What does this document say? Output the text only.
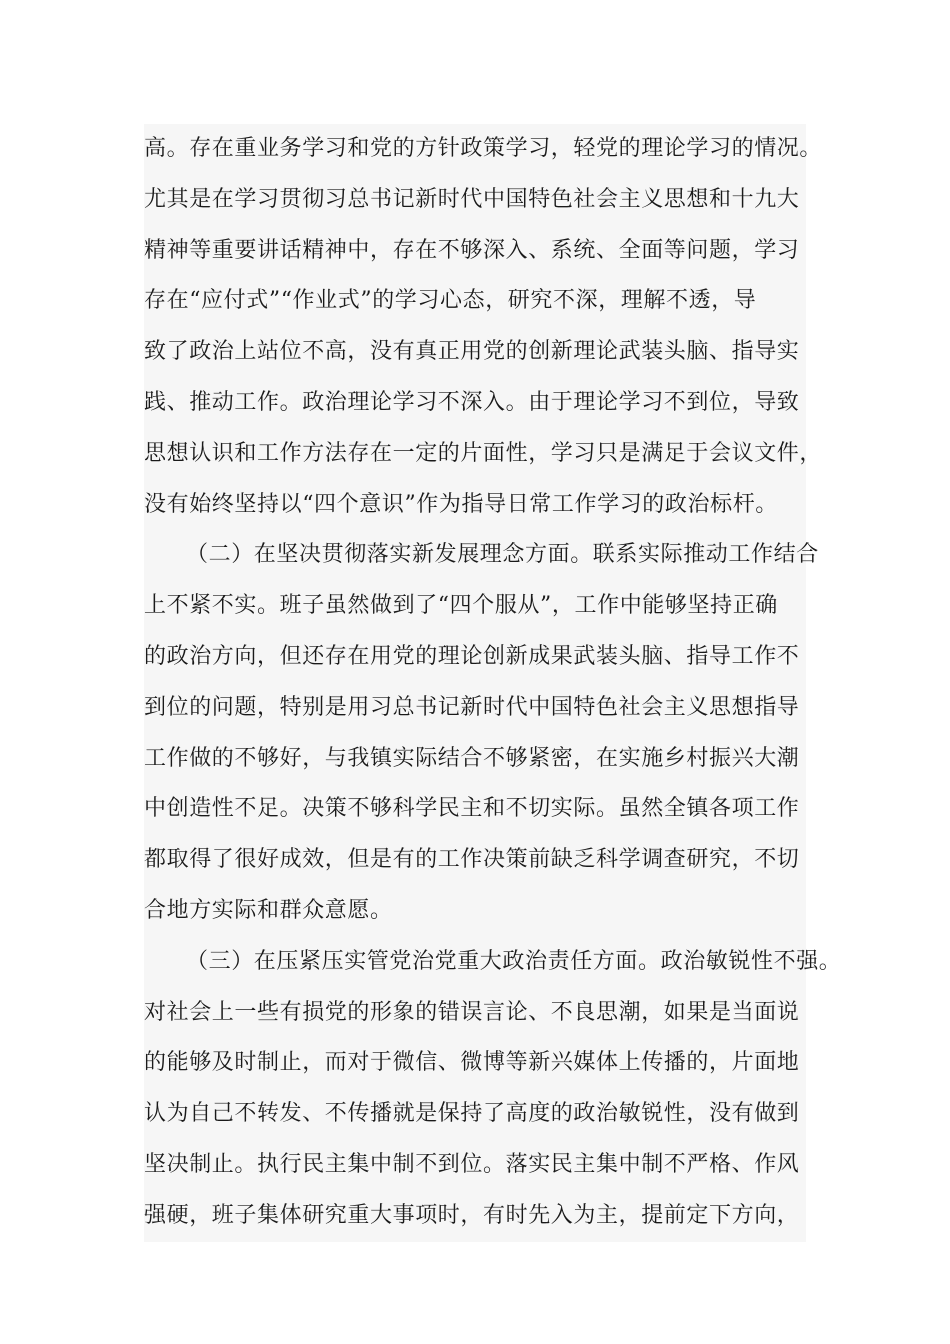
高。存在重业务学习和党的方针政策学习，轻党的理论学习的情况。
尤其是在学习贯彻习总书记新时代中国特色社会主义思想和十九大
精神等重要讲话精神中，存在不够深入、系统、全面等问题，学习
存在“应付式”“作业式”的学习心态，研究不深，理解不透，导
致了政治上站位不高，没有真正用党的创新理论武装头脑、指导实
践、推动工作。政治理论学习不深入。由于理论学习不到位，导致
思想认识和工作方法存在一定的片面性，学习只是满足于会议文件，
没有始终坚持以“四个意识”作为指导日常工作学习的政治标杆。
（二）在坚决贯彻落实新发展理念方面。联系实际推动工作结合
上不紧不实。班子虽然做到了“四个服从”，工作中能够坚持正确
的政治方向，但还存在用党的理论创新成果武装头脑、指导工作不
到位的问题，特别是用习总书记新时代中国特色社会主义思想指导
工作做的不够好，与我镇实际结合不够紧密，在实施乡村振兴大潮
中创造性不足。决策不够科学民主和不切实际。虽然全镇各项工作
都取得了很好成效，但是有的工作决策前缺乏科学调查研究，不切
合地方实际和群众意愿。
（三）在压紧压实管党治党重大政治责任方面。政治敏锐性不强。
对社会上一些有损党的形象的错误言论、不良思潮，如果是当面说
的能够及时制止，而对于微信、微博等新兴媒体上传播的，片面地
认为自己不转发、不传播就是保持了高度的政治敏锐性，没有做到
坚决制止。执行民主集中制不到位。落实民主集中制不严格、作风
强硬，班子集体研究重大事项时，有时先入为主，提前定下方向，
